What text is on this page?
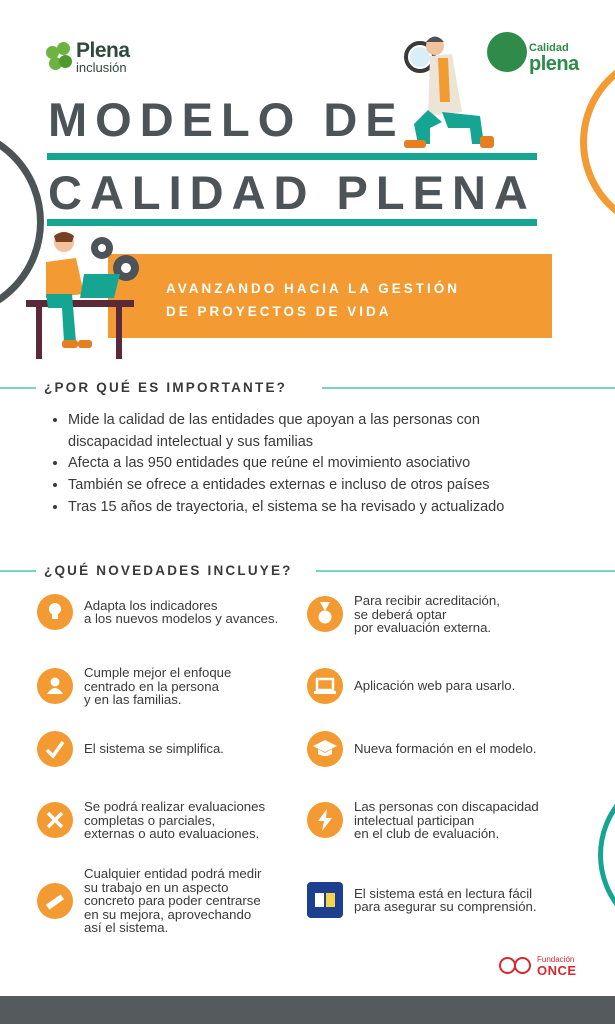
Plena
inclusión
Calidad
plena
MODELO DE
CALIDAD PLENA
AVANZANDO HACIA LA GESTIÓN
DE PROYECTOS DE VIDA
¿POR QUÉ ES IMPORTANTE?
• Mide la calidad de las entidades que apoyan a las personas con discapacidad intelectual y sus familias
• Afecta a las 950 entidades que reúne el movimiento asociativo
• También se ofrece a entidades externas e incluso de otros países
• Tras 15 años de trayectoria, el sistema se ha revisado y actualizado
¿QUÉ NOVEDADES INCLUYE?
Adapta los indicadores
a los nuevos modelos y avances.
Cumple mejor el enfoque
centrado en la persona
y en las familias.
El sistema se simplifica.
Se podrá realizar evaluaciones
completas o parciales,
externas o auto evaluaciones.
Cualquier entidad podrá medir
su trabajo en un aspecto
concreto para poder centrarse
en su mejora, aprovechando
así el sistema.
Para recibir acreditación,
se deberá optar
por evaluación externa.
Aplicación web para usarlo.
Nueva formación en el modelo.
Las personas con discapacidad
intelectual participan
en el club de evaluación.
El sistema está en lectura fácil
para asegurar su comprensión.
Fundación
ONCE
